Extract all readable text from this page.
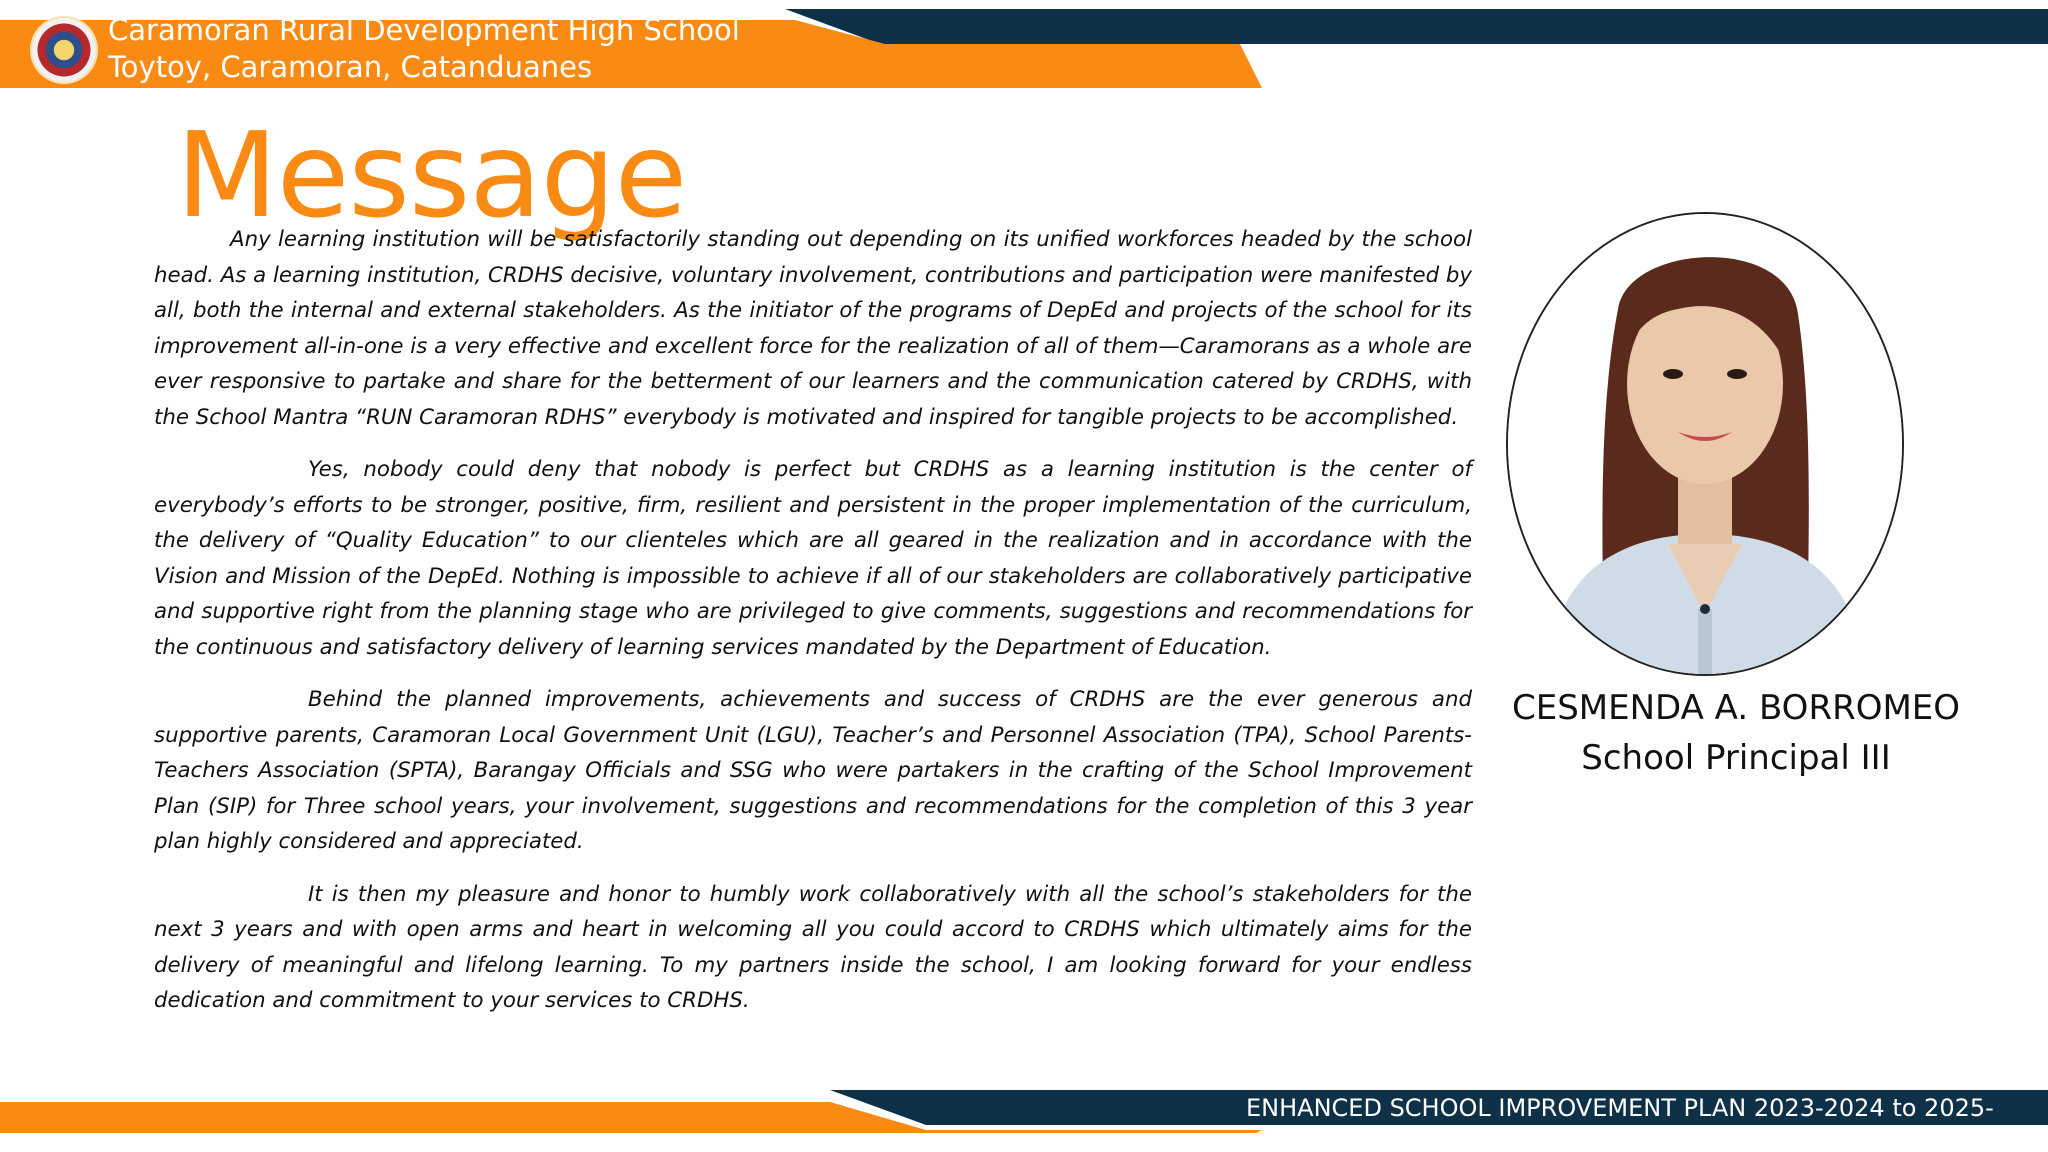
Caramoran Rural Development High School
Toytoy, Caramoran, Catanduanes
Message

Any learning institution will be satisfactorily standing out depending on its unified workforces headed by the school head. As a learning institution, CRDHS decisive, voluntary involvement, contributions and participation were manifested by all, both the internal and external stakeholders. As the initiator of the programs of DepEd and projects of the school for its improvement all-in-one is a very effective and excellent force for the realization of all of them—Caramorans as a whole are ever responsive to partake and share for the betterment of our learners and the communication catered by CRDHS, with the School Mantra “RUN Caramoran RDHS” everybody is motivated and inspired for tangible projects to be accomplished.

Yes, nobody could deny that nobody is perfect but CRDHS as a learning institution is the center of everybody’s efforts to be stronger, positive, firm, resilient and persistent in the proper implementation of the curriculum, the delivery of “Quality Education” to our clienteles which are all geared in the realization and in accordance with the Vision and Mission of the DepEd. Nothing is impossible to achieve if all of our stakeholders are collaboratively participative and supportive right from the planning stage who are privileged to give comments, suggestions and recommendations for the continuous and satisfactory delivery of learning services mandated by the Department of Education.

Behind the planned improvements, achievements and success of CRDHS are the ever generous and supportive parents, Caramoran Local Government Unit (LGU), Teacher’s and Personnel Association (TPA), School Parents- Teachers Association (SPTA), Barangay Officials and SSG who were partakers in the crafting of the School Improvement Plan (SIP) for Three school years, your involvement, suggestions and recommendations for the completion of this 3 year plan highly considered and appreciated.

It is then my pleasure and honor to humbly work collaboratively with all the school’s stakeholders for the next 3 years and with open arms and heart in welcoming all you could accord to CRDHS which ultimately aims for the delivery of meaningful and lifelong learning. To my partners inside the school, I am looking forward for your endless dedication and commitment to your services to CRDHS.

CESMENDA A. BORROMEO
School Principal III
ENHANCED SCHOOL IMPROVEMENT PLAN 2023-2024 to 2025-
